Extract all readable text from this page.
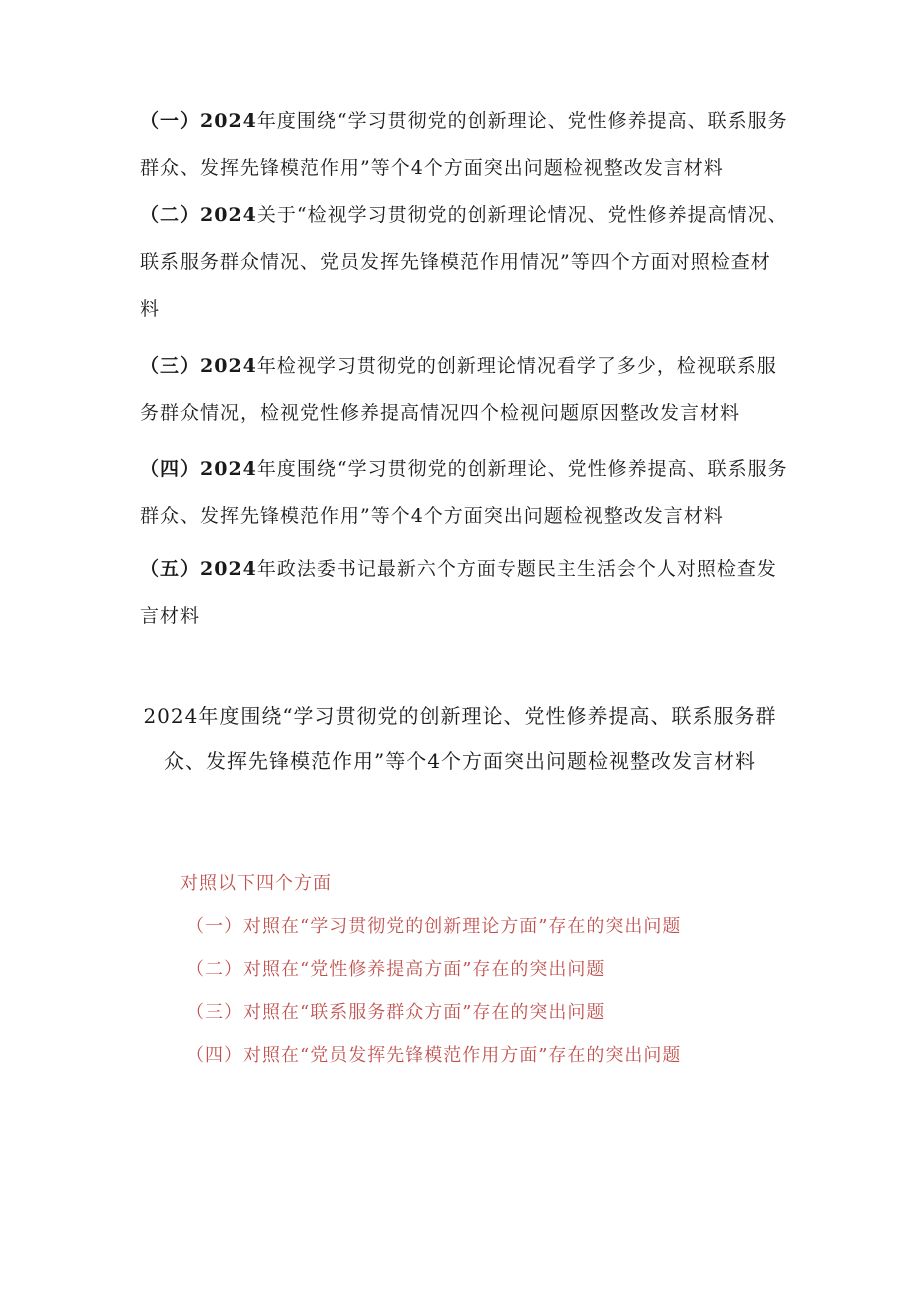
（一）2024年度围绕“学习贯彻党的创新理论、党性修养提高、联系服务群众、发挥先锋模范作用”等个4个方面突出问题检视整改发言材料

（二）2024关于“检视学习贯彻党的创新理论情况、党性修养提高情况、联系服务群众情况、党员发挥先锋模范作用情况”等四个方面对照检查材料

（三）2024年检视学习贯彻党的创新理论情况看学了多少，检视联系服务群众情况，检视党性修养提高情况四个检视问题原因整改发言材料

（四）2024年度围绕“学习贯彻党的创新理论、党性修养提高、联系服务群众、发挥先锋模范作用”等个4个方面突出问题检视整改发言材料

（五）2024年政法委书记最新六个方面专题民主生活会个人对照检查发言材料

2024年度围绕“学习贯彻党的创新理论、党性修养提高、联系服务群众、发挥先锋模范作用”等个4个方面突出问题检视整改发言材料

对照以下四个方面

（一）对照在“学习贯彻党的创新理论方面”存在的突出问题

（二）对照在“党性修养提高方面”存在的突出问题

（三）对照在“联系服务群众方面”存在的突出问题

（四）对照在“党员发挥先锋模范作用方面”存在的突出问题
